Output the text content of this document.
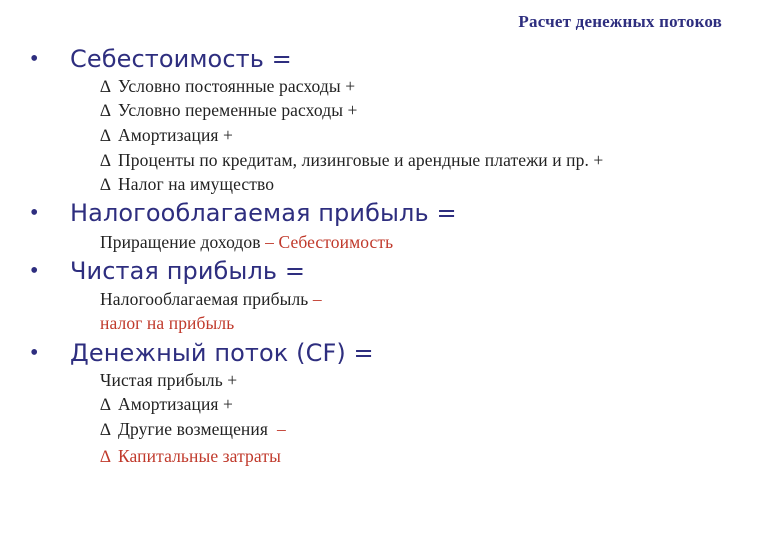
Расчет денежных потоков
•	Себестоимость =
∆ Условно постоянные расходы +
∆ Условно переменные расходы +
∆ Амортизация +
∆ Проценты по кредитам, лизинговые и арендные платежи и пр. +
∆ Налог на имущество
•	Налогооблагаемая прибыль =
Приращение доходов – Себестоимость
•	Чистая прибыль =
Налогооблагаемая прибыль –
налог на прибыль
•	Денежный поток (CF) =
Чистая прибыль +
∆ Амортизация +
∆ Другие возмещения –
∆ Капитальные затраты
